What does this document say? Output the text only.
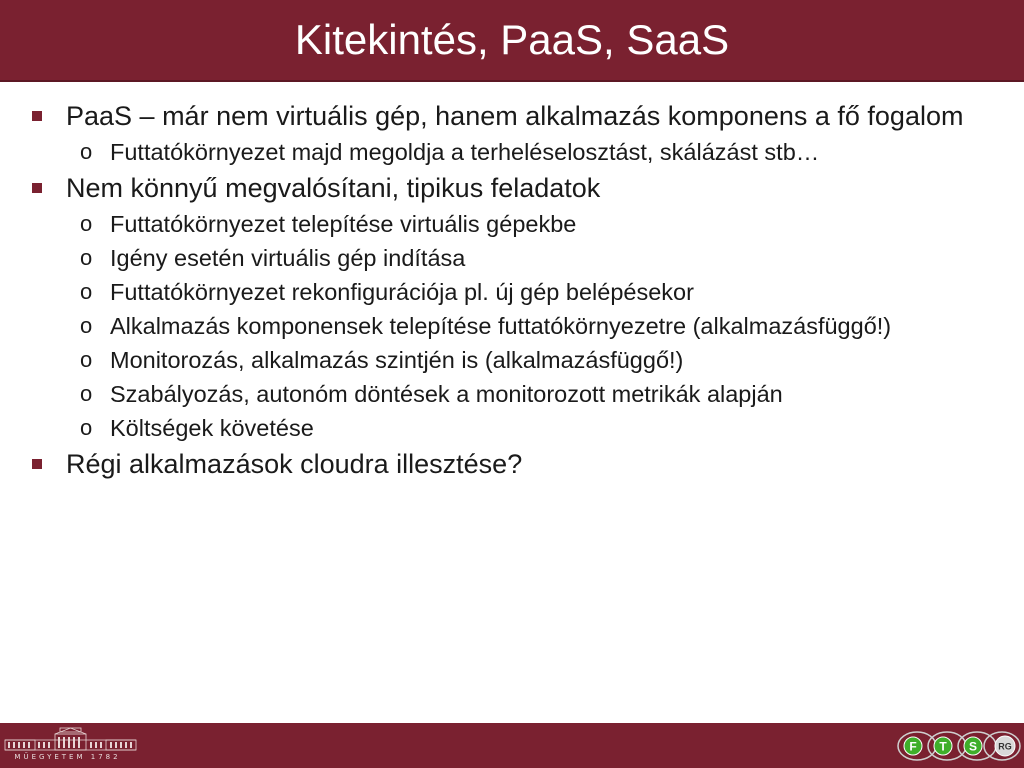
Kitekintés, PaaS, SaaS
PaaS – már nem virtuális gép, hanem alkalmazás komponens a fő fogalom
o Futtatókörnyezet majd megoldja a terheléselosztást, skálázást stb…
Nem könnyű megvalósítani, tipikus feladatok
o Futtatókörnyezet telepítése virtuális gépekbe
o Igény esetén virtuális gép indítása
o Futtatókörnyezet rekonfigurációja pl. új gép belépésekor
o Alkalmazás komponensek telepítése futtatókörnyezetre (alkalmazásfüggő!)
o Monitorozás, alkalmazás szintjén is (alkalmazásfüggő!)
o Szabályozás, autonóm döntések a monitorozott metrikák alapján
o Költségek követése
Régi alkalmazások cloudra illesztése?
MŰEGYETEM 1782
F T S RG
